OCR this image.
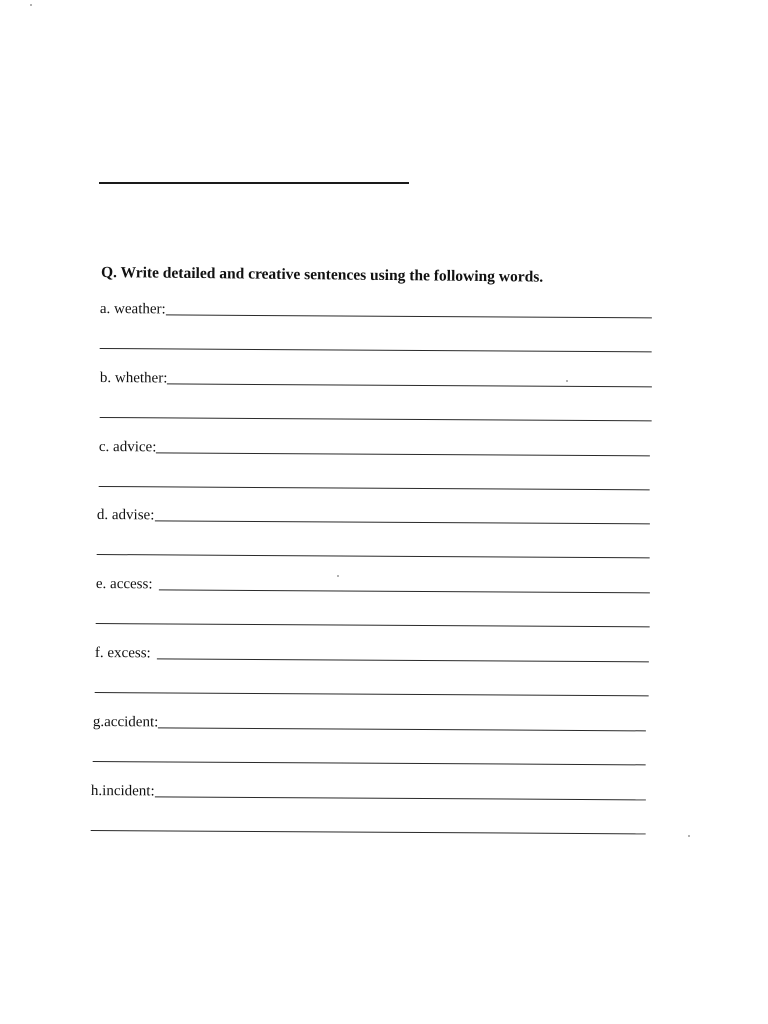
Q. Write detailed and creative sentences using the following words.
a. weather:
b. whether:
c. advice:
d. advise:
e. access:
f. excess:
g.accident:
h.incident:
